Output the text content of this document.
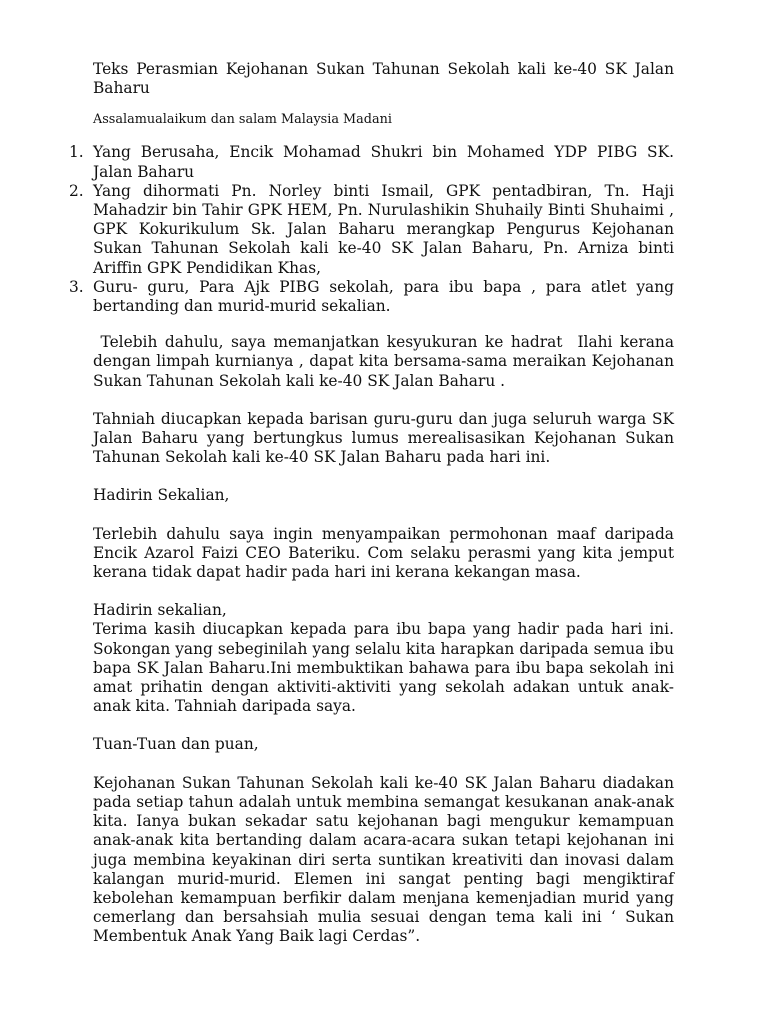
Teks Perasmian Kejohanan Sukan Tahunan Sekolah kali ke-40 SK Jalan Baharu

Assalamualaikum dan salam Malaysia Madani

1. Yang Berusaha, Encik Mohamad Shukri bin Mohamed YDP PIBG SK. Jalan Baharu
2. Yang dihormati Pn. Norley binti Ismail, GPK pentadbiran, Tn. Haji Mahadzir bin Tahir GPK HEM, Pn. Nurulashikin Shuhaily Binti Shuhaimi , GPK Kokurikulum Sk. Jalan Baharu merangkap Pengurus Kejohanan Sukan Tahunan Sekolah kali ke-40 SK Jalan Baharu, Pn. Arniza binti Ariffin GPK Pendidikan Khas,
3. Guru- guru, Para Ajk PIBG sekolah, para ibu bapa , para atlet yang bertanding dan murid-murid sekalian.

Telebih dahulu, saya memanjatkan kesyukuran ke hadrat  Ilahi kerana dengan limpah kurnianya , dapat kita bersama-sama meraikan Kejohanan Sukan Tahunan Sekolah kali ke-40 SK Jalan Baharu .

Tahniah diucapkan kepada barisan guru-guru dan juga seluruh warga SK Jalan Baharu yang bertungkus lumus merealisasikan Kejohanan Sukan Tahunan Sekolah kali ke-40 SK Jalan Baharu pada hari ini.

Hadirin Sekalian,

Terlebih dahulu saya ingin menyampaikan permohonan maaf daripada Encik Azarol Faizi CEO Bateriku. Com selaku perasmi yang kita jemput kerana tidak dapat hadir pada hari ini kerana kekangan masa.

Hadirin sekalian,

Terima kasih diucapkan kepada para ibu bapa yang hadir pada hari ini. Sokongan yang sebeginilah yang selalu kita harapkan daripada semua ibu bapa SK Jalan Baharu.Ini membuktikan bahawa para ibu bapa sekolah ini amat prihatin dengan aktiviti-aktiviti yang sekolah adakan untuk anak-anak kita. Tahniah daripada saya.

Tuan-Tuan dan puan,

Kejohanan Sukan Tahunan Sekolah kali ke-40 SK Jalan Baharu diadakan pada setiap tahun adalah untuk membina semangat kesukanan anak-anak kita. Ianya bukan sekadar satu kejohanan bagi mengukur kemampuan anak-anak kita bertanding dalam acara-acara sukan tetapi kejohanan ini juga membina keyakinan diri serta suntikan kreativiti dan inovasi dalam kalangan murid-murid. Elemen ini sangat penting bagi mengiktiraf kebolehan kemampuan berfikir dalam menjana kemenjadian murid yang cemerlang dan bersahsiah mulia sesuai dengan tema kali ini ‘ Sukan Membentuk Anak Yang Baik lagi Cerdas”.
